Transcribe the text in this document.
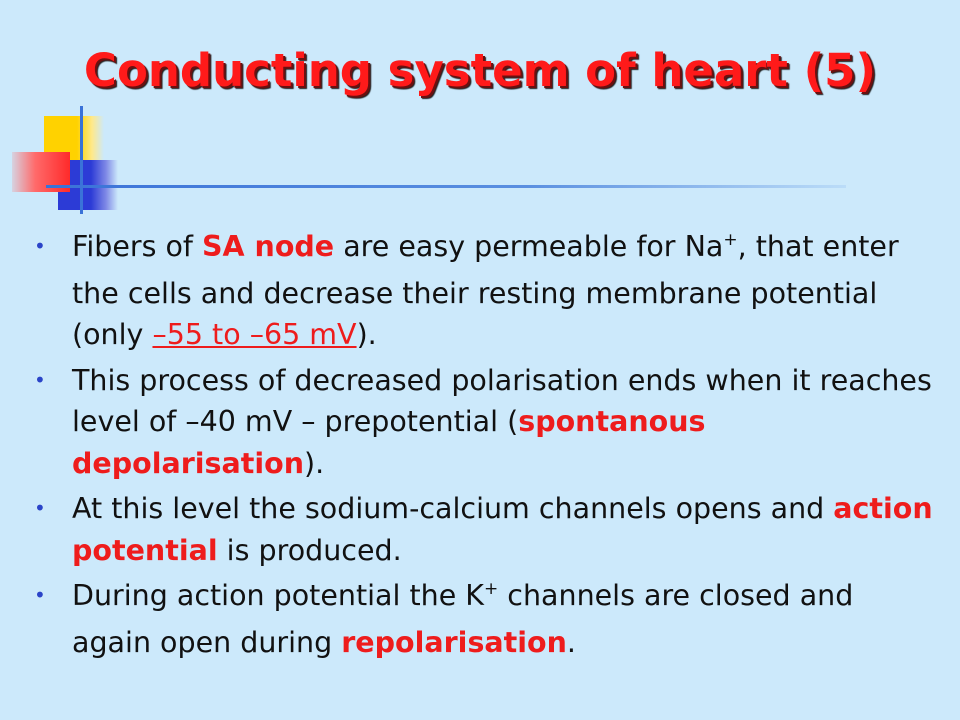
Conducting system of heart (5)
• Fibers of SA node are easy permeable for Na+, that enter the cells and decrease their resting membrane potential (only –55 to –65 mV).
• This process of decreased polarisation ends when it reaches level of –40 mV – prepotential (spontanous depolarisation).
• At this level the sodium-calcium channels opens and action potential is produced.
• During action potential the K+ channels are closed and again open during repolarisation.
